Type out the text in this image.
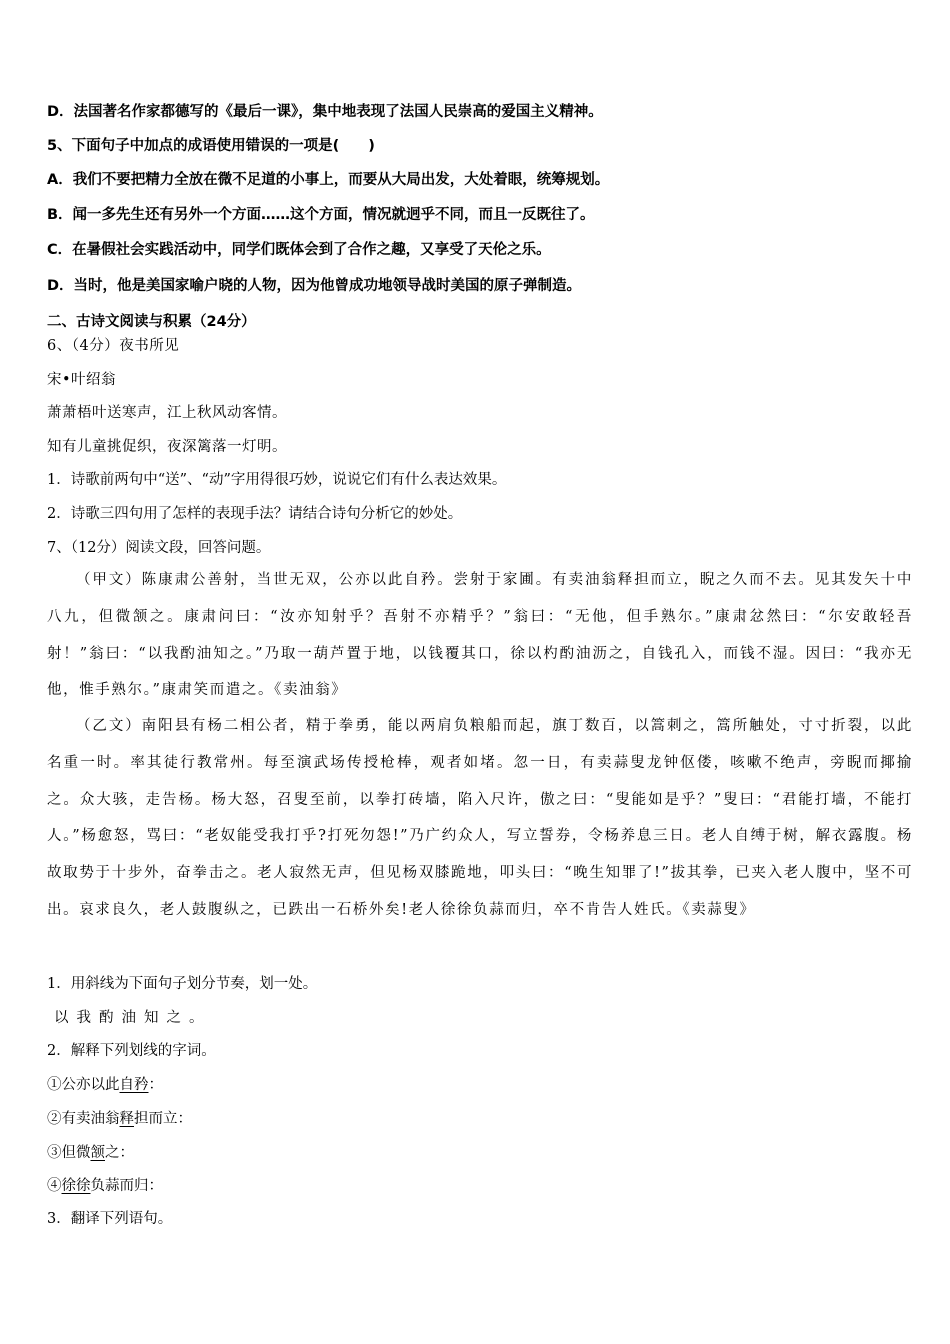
D．法国著名作家都德写的《最后一课》，集中地表现了法国人民崇高的爱国主义精神。
5、下面句子中加点的成语使用错误的一项是(　　)
A．我们不要把精力全放在微不足道的小事上，而要从大局出发，大处着眼，统筹规划。
B．闻一多先生还有另外一个方面……这个方面，情况就迥乎不同，而且一反既往了。
C．在暑假社会实践活动中，同学们既体会到了合作之趣，又享受了天伦之乐。
D．当时，他是美国家喻户晓的人物，因为他曾成功地领导战时美国的原子弹制造。
二、古诗文阅读与积累（24分）
6、（4分）夜书所见
宋•叶绍翁
萧萧梧叶送寒声，江上秋风动客情。
知有儿童挑促织，夜深篱落一灯明。
1．诗歌前两句中“送”、“动”字用得很巧妙，说说它们有什么表达效果。
2．诗歌三四句用了怎样的表现手法？请结合诗句分析它的妙处。
7、（12分）阅读文段，回答问题。

（甲文）陈康肃公善射，当世无双，公亦以此自矜。尝射于家圃。有卖油翁释担而立，睨之久而不去。见其发矢十中八九，但微颔之。康肃问曰：“汝亦知射乎？吾射不亦精乎？”翁曰：“无他，但手熟尔。”康肃忿然曰：“尔安敢轻吾射！”翁曰：“以我酌油知之。”乃取一葫芦置于地，以钱覆其口，徐以杓酌油沥之，自钱孔入，而钱不湿。因曰：“我亦无他，惟手熟尔。”康肃笑而遣之。《卖油翁》

（乙文）南阳县有杨二相公者，精于拳勇，能以两肩负粮船而起，旗丁数百，以篙刺之，篙所触处，寸寸折裂，以此名重一时。率其徒行教常州。每至演武场传授枪棒，观者如堵。忽一日，有卖蒜叟龙钟伛偻，咳嗽不绝声，旁睨而揶揄之。众大骇，走告杨。杨大怒，召叟至前，以拳打砖墙，陷入尺许，傲之曰：“叟能如是乎？”叟曰：“君能打墙，不能打人。”杨愈怒，骂曰：“老奴能受我打乎?打死勿怨!”乃广约众人，写立誓券，令杨养息三日。老人自缚于树，解衣露腹。杨故取势于十步外，奋拳击之。老人寂然无声，但见杨双膝跪地，叩头曰：“晚生知罪了!”拔其拳，已夹入老人腹中，坚不可出。哀求良久，老人鼓腹纵之，已跌出一石桥外矣!老人徐徐负蒜而归，卒不肯告人姓氏。《卖蒜叟》

1．用斜线为下面句子划分节奏，划一处。
以我酌油知之。
2．解释下列划线的字词。
①公亦以此自矜：
②有卖油翁释担而立：
③但微颔之：
④徐徐负蒜而归：
3．翻译下列语句。
